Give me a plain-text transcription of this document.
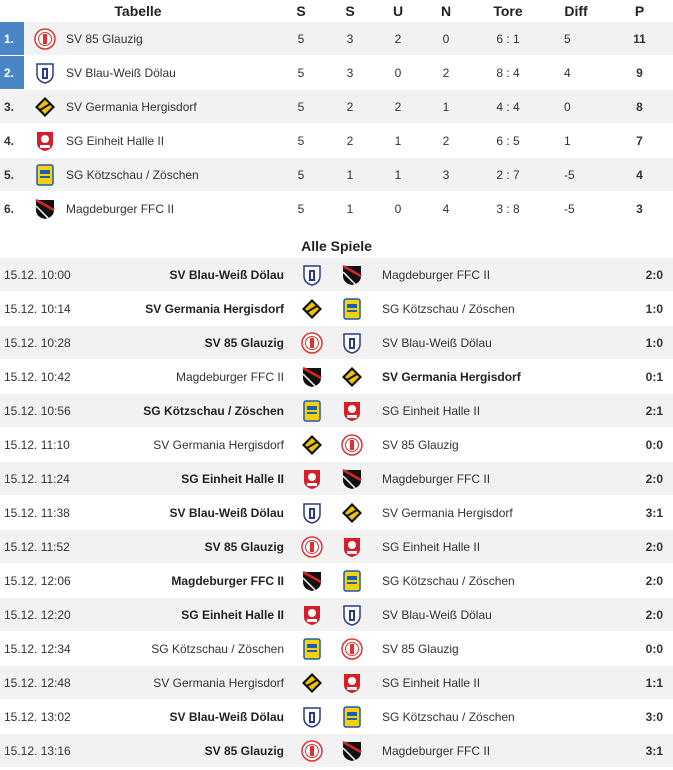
Tabelle			S	S	U	N	Tore	Diff	P
1.		SV 85 Glauzig	5	3	2	0	6 : 1	5	11
2.		SV Blau-Weiß Dölau	5	3	0	2	8 : 4	4	9
3.		SV Germania Hergisdorf	5	2	2	1	4 : 4	0	8
4.		SG Einheit Halle II	5	2	1	2	6 : 5	1	7
5.		SG Kötzschau / Zöschen	5	1	1	3	2 : 7	-5	4
6.		Magdeburger FFC II	5	1	0	4	3 : 8	-5	3
Alle Spiele
15.12. 10:00	SV Blau-Weiß Dölau			Magdeburger FFC II	2:0
15.12. 10:14	SV Germania Hergisdorf			SG Kötzschau / Zöschen	1:0
15.12. 10:28	SV 85 Glauzig			SV Blau-Weiß Dölau	1:0
15.12. 10:42	Magdeburger FFC II			SV Germania Hergisdorf	0:1
15.12. 10:56	SG Kötzschau / Zöschen			SG Einheit Halle II	2:1
15.12. 11:10	SV Germania Hergisdorf			SV 85 Glauzig	0:0
15.12. 11:24	SG Einheit Halle II			Magdeburger FFC II	2:0
15.12. 11:38	SV Blau-Weiß Dölau			SV Germania Hergisdorf	3:1
15.12. 11:52	SV 85 Glauzig			SG Einheit Halle II	2:0
15.12. 12:06	Magdeburger FFC II			SG Kötzschau / Zöschen	2:0
15.12. 12:20	SG Einheit Halle II			SV Blau-Weiß Dölau	2:0
15.12. 12:34	SG Kötzschau / Zöschen			SV 85 Glauzig	0:0
15.12. 12:48	SV Germania Hergisdorf			SG Einheit Halle II	1:1
15.12. 13:02	SV Blau-Weiß Dölau			SG Kötzschau / Zöschen	3:0
15.12. 13:16	SV 85 Glauzig			Magdeburger FFC II	3:1
